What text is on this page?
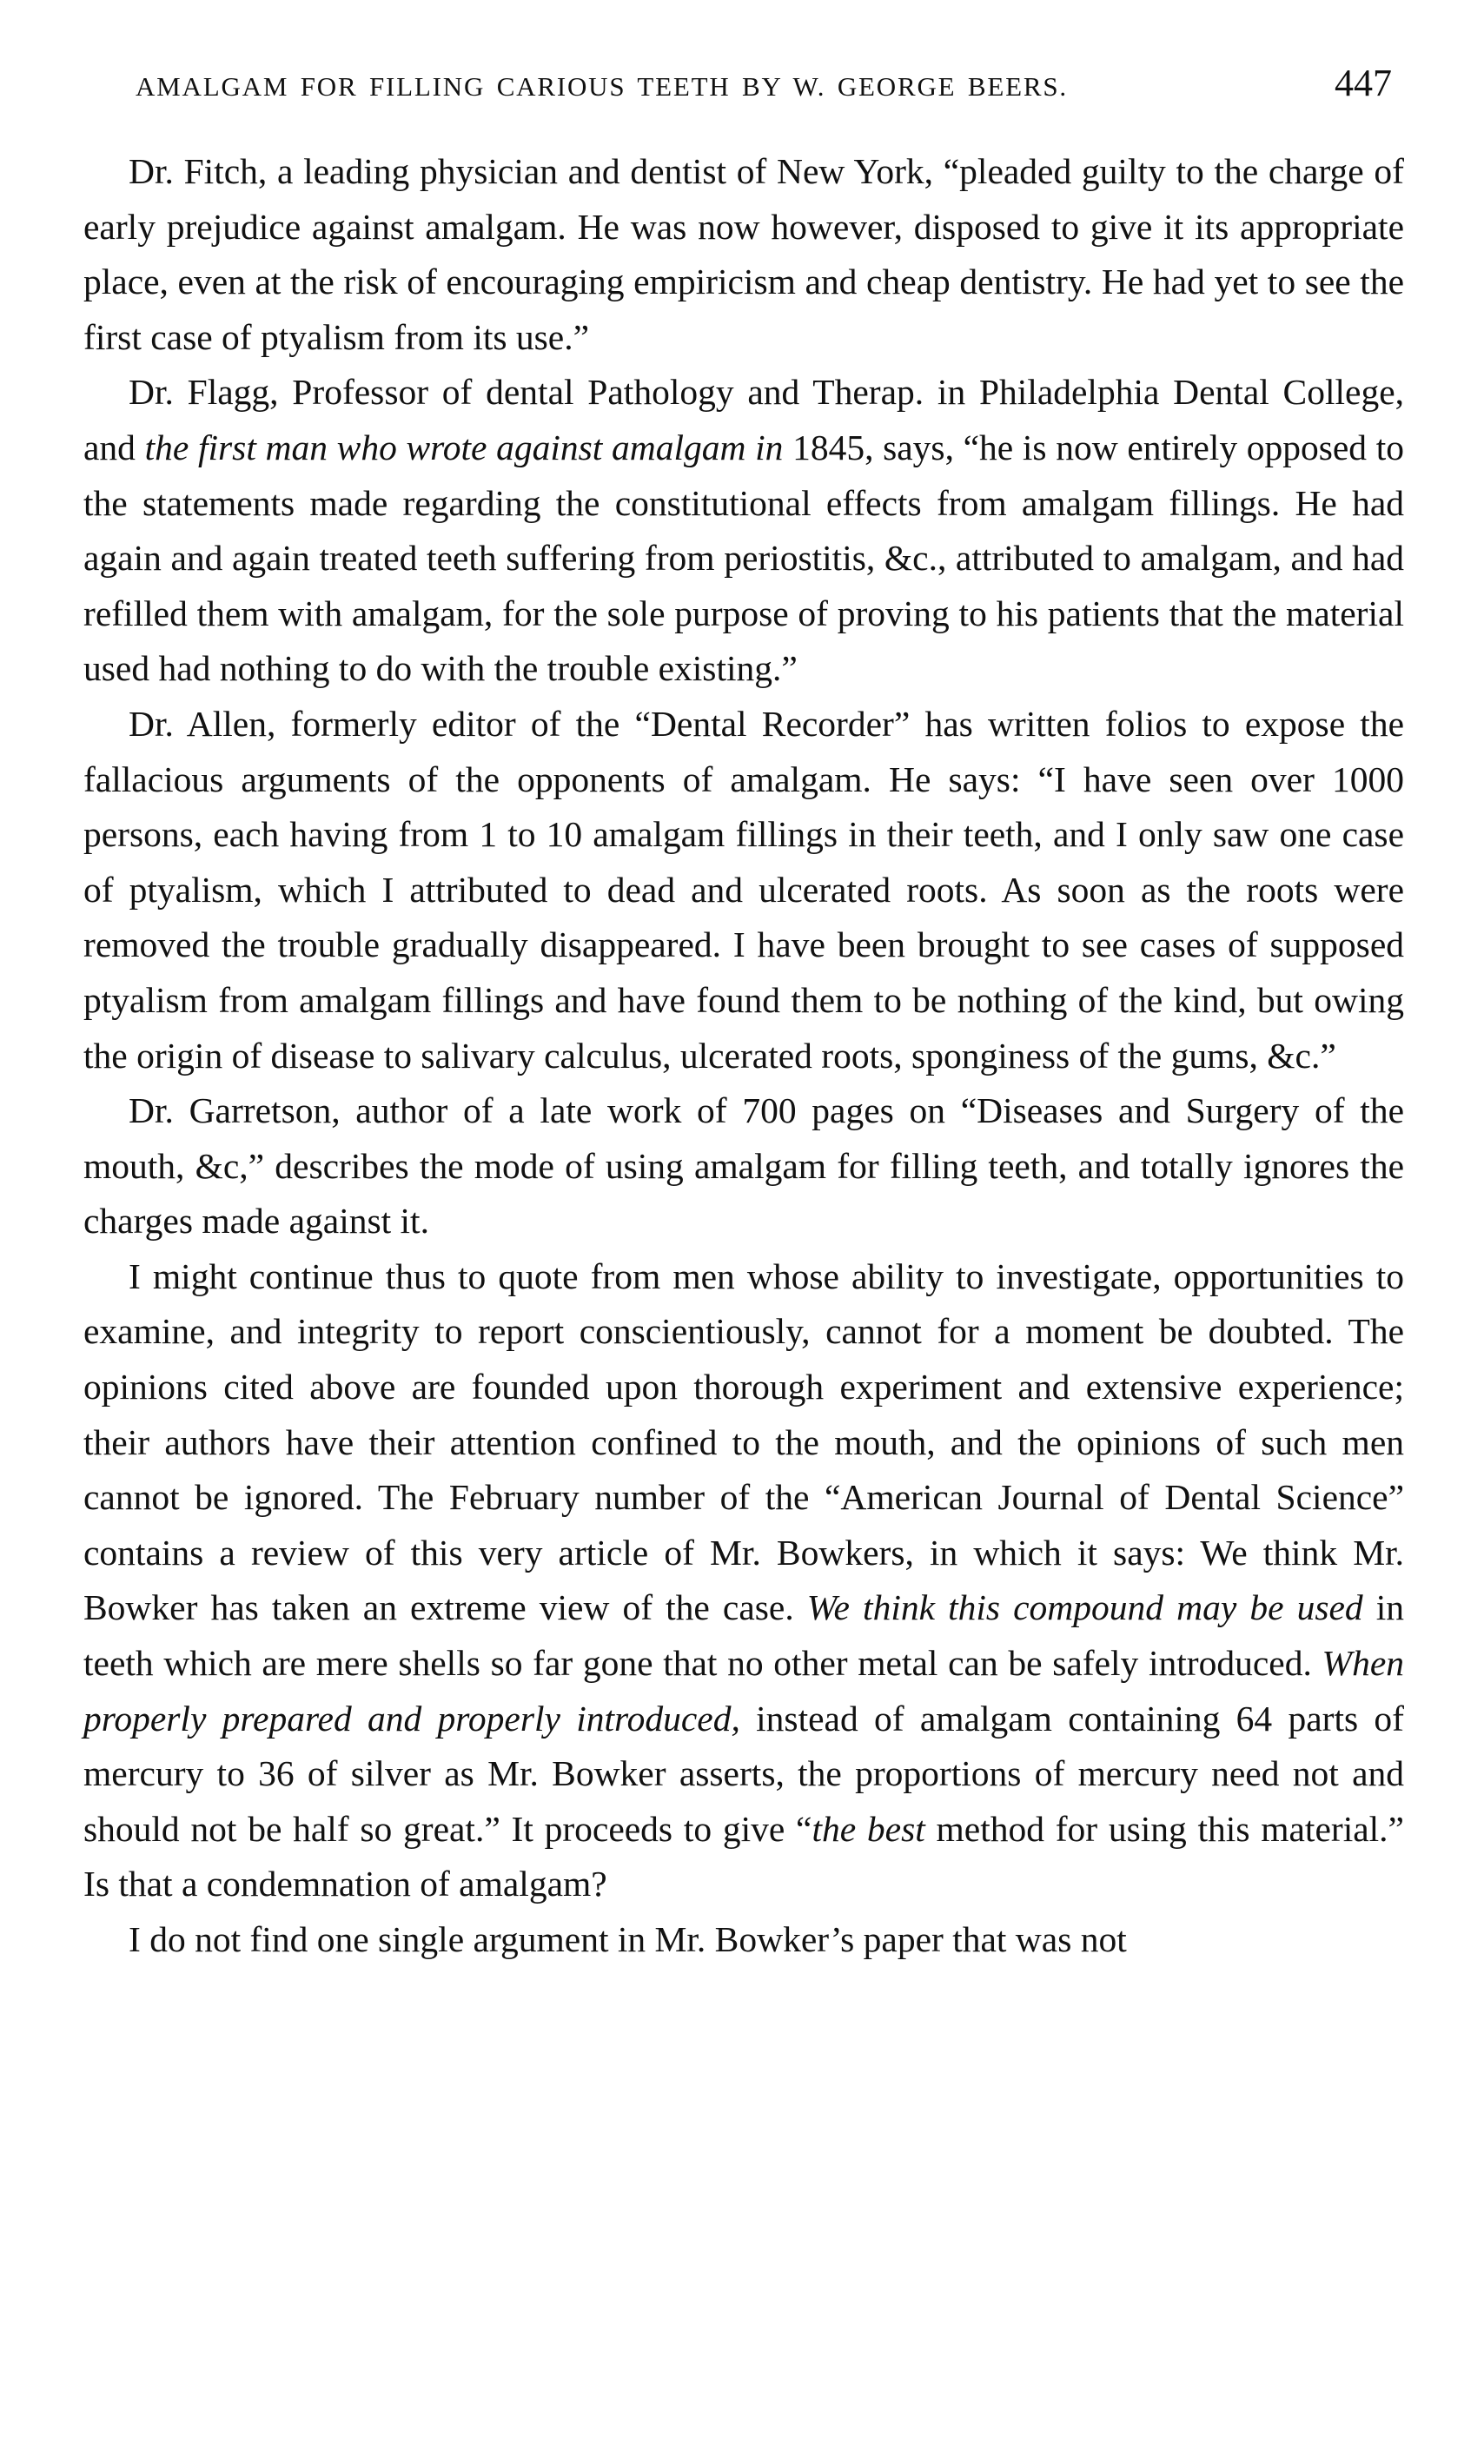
AMALGAM FOR FILLING CARIOUS TEETH BY W. GEORGE BEERS.	447

Dr. Fitch, a leading physician and dentist of New York, “pleaded guilty to the charge of early prejudice against amalgam. He was now however, disposed to give it its appropriate place, even at the risk of encouraging empiricism and cheap dentistry. He had yet to see the first case of ptyalism from its use.”

Dr. Flagg, Professor of dental Pathology and Therap. in Philadelphia Dental College, and the first man who wrote against amalgam in 1845, says, “he is now entirely opposed to the statements made regarding the constitutional effects from amalgam fillings. He had again and again treated teeth suffering from periostitis, &c., attributed to amalgam, and had refilled them with amalgam, for the sole purpose of proving to his patients that the material used had nothing to do with the trouble existing.”

Dr. Allen, formerly editor of the “Dental Recorder” has written folios to expose the fallacious arguments of the opponents of amalgam. He says: “I have seen over 1000 persons, each having from 1 to 10 amalgam fillings in their teeth, and I only saw one case of ptyalism, which I attributed to dead and ulcerated roots. As soon as the roots were removed the trouble gradually disappeared. I have been brought to see cases of supposed ptyalism from amalgam fillings and have found them to be nothing of the kind, but owing the origin of disease to salivary calculus, ulcerated roots, sponginess of the gums, &c.”

Dr. Garretson, author of a late work of 700 pages on “Diseases and Surgery of the mouth, &c,” describes the mode of using amalgam for filling teeth, and totally ignores the charges made against it.

I might continue thus to quote from men whose ability to investigate, opportunities to examine, and integrity to report conscientiously, cannot for a moment be doubted. The opinions cited above are founded upon thorough experiment and extensive experience; their authors have their attention confined to the mouth, and the opinions of such men cannot be ignored. The February number of the “American Journal of Dental Science” contains a review of this very article of Mr. Bowkers, in which it says: We think Mr. Bowker has taken an extreme view of the case. We think this compound may be used in teeth which are mere shells so far gone that no other metal can be safely introduced. When properly prepared and properly introduced, instead of amalgam containing 64 parts of mercury to 36 of silver as Mr. Bowker asserts, the proportions of mercury need not and should not be half so great.” It proceeds to give “the best method for using this material.” Is that a condemnation of amalgam?

I do not find one single argument in Mr. Bowker’s paper that was not
